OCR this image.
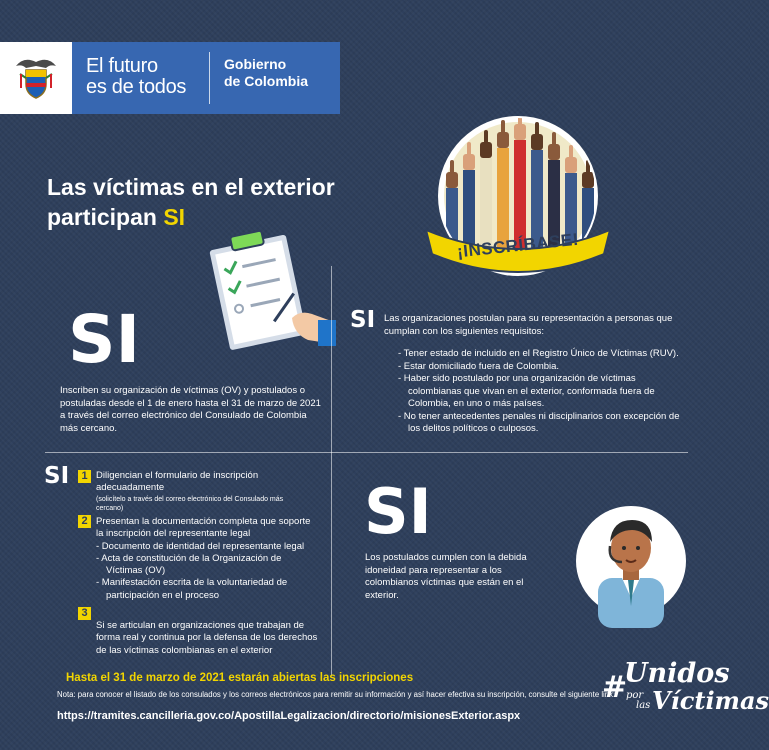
El futuro
es de todos
Gobierno
de Colombia
Las víctimas en el exterior
participan SI
¡INSCRÍBASE!
SI
Inscriben su organización de víctimas (OV) y postulados o postuladas desde el 1 de enero hasta el 31 de marzo de 2021 a través del correo electrónico del Consulado de Colombia más cercano.
SI Las organizaciones postulan para su representación a personas que cumplan con los siguientes requisitos:
- Tener estado de incluido en el Registro Único de Víctimas (RUV).
- Estar domiciliado fuera de Colombia.
- Haber sido postulado por una organización de víctimas colombianas que vivan en el exterior, conformada fuera de Colombia, en uno o más países.
- No tener antecedentes penales ni disciplinarios con excepción de los delitos políticos o culposos.
SI	1 Diligencian el formulario de inscripción adecuadamente
(solicítelo a través del correo electrónico del Consulado más cercano)
2 Presentan la documentación completa que soporte la inscripción del representante legal
- Documento de identidad del representante legal
- Acta de constitución de la Organización de Víctimas (OV)
- Manifestación escrita de la voluntariedad de participación en el proceso
3
Si se articulan en organizaciones que trabajan de forma real y continua por la defensa de los derechos de las víctimas colombianas en el exterior
SI
Los postulados cumplen con la debida idoneidad para representar a los colombianos víctimas que están en el exterior.
Hasta el 31 de marzo de 2021 estarán abiertas las inscripciones
Nota: para conocer el listado de los consulados y los correos electrónicos para remitir su información y así hacer efectiva su inscripción, consulte el siguiente link:
https://tramites.cancilleria.gov.co/ApostillaLegalizacion/directorio/misionesExterior.aspx
#
Unidos
por
las Víctimas
